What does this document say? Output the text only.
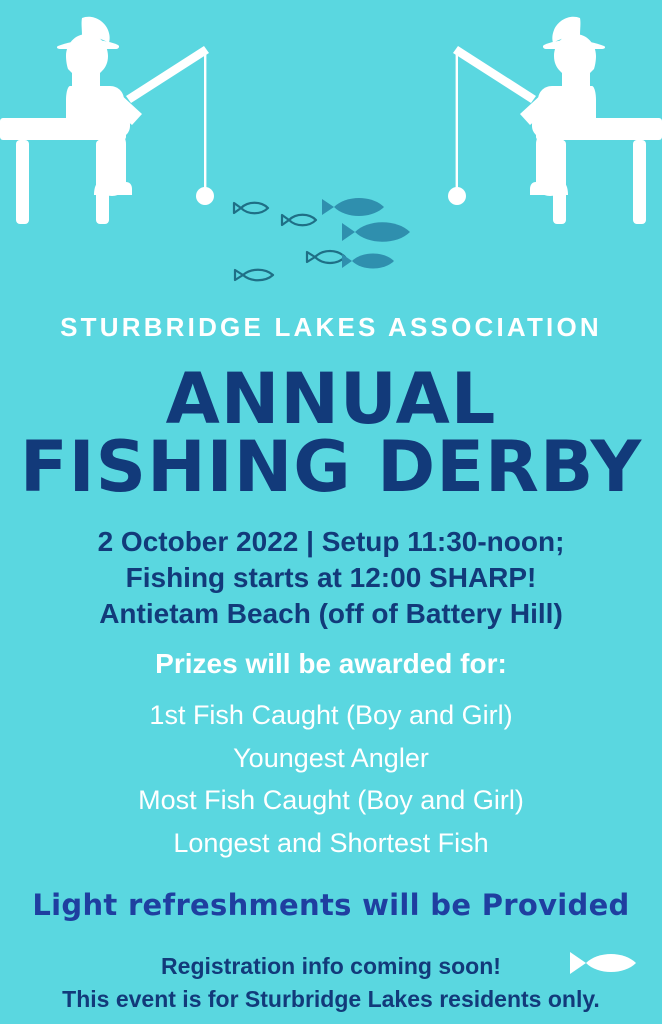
STURBRIDGE LAKES ASSOCIATION
ANNUAL
FISHING DERBY
2 October 2022 | Setup 11:30-noon;
Fishing starts at 12:00 SHARP!
Antietam Beach (off of Battery Hill)
Prizes will be awarded for:
1st Fish Caught (Boy and Girl)
Youngest Angler
Most Fish Caught (Boy and Girl)
Longest and Shortest Fish
Light refreshments will be Provided
Registration info coming soon!
This event is for Sturbridge Lakes residents only.
